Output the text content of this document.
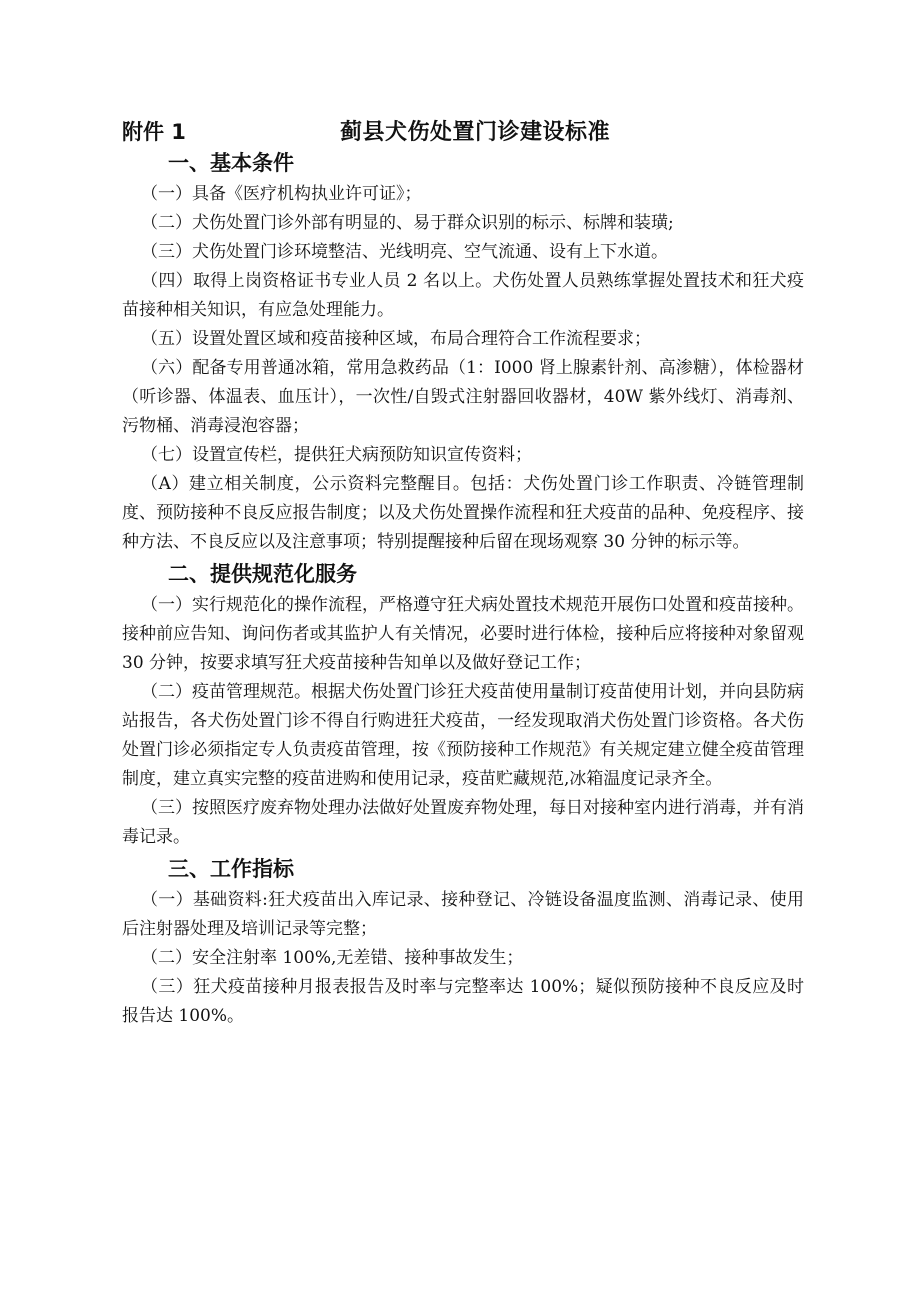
附件 1	蓟县犬伤处置门诊建设标准
一、基本条件

（一）具备《医疗机构执业许可证》；

（二）犬伤处置门诊外部有明显的、易于群众识别的标示、标牌和装璜;

（三）犬伤处置门诊环境整洁、光线明亮、空气流通、设有上下水道。

（四）取得上岗资格证书专业人员 2 名以上。犬伤处置人员熟练掌握处置技术和狂犬疫苗接种相关知识，有应急处理能力。

（五）设置处置区域和疫苗接种区域，布局合理符合工作流程要求；

（六）配备专用普通冰箱，常用急救药品（1：I000 肾上腺素针剂、高渗糖），体检器材（听诊器、体温表、血压计），一次性/自毁式注射器回收器材，40W 紫外线灯、消毒剂、污物桶、消毒浸泡容器；

（七）设置宣传栏，提供狂犬病预防知识宣传资料；

（A）建立相关制度，公示资料完整醒目。包括：犬伤处置门诊工作职责、冷链管理制度、预防接种不良反应报告制度；以及犬伤处置操作流程和狂犬疫苗的品种、免疫程序、接种方法、不良反应以及注意事项；特别提醒接种后留在现场观察 30 分钟的标示等。

二、提供规范化服务

（一）实行规范化的操作流程，严格遵守狂犬病处置技术规范开展伤口处置和疫苗接种。接种前应告知、询问伤者或其监护人有关情况，必要时进行体检，接种后应将接种对象留观 30 分钟，按要求填写狂犬疫苗接种告知单以及做好登记工作；

（二）疫苗管理规范。根据犬伤处置门诊狂犬疫苗使用量制订疫苗使用计划，并向县防病站报告，各犬伤处置门诊不得自行购进狂犬疫苗，一经发现取消犬伤处置门诊资格。各犬伤处置门诊必须指定专人负责疫苗管理，按《预防接种工作规范》有关规定建立健全疫苗管理制度，建立真实完整的疫苗进购和使用记录，疫苗贮藏规范,冰箱温度记录齐全。

（三）按照医疗废弃物处理办法做好处置废弃物处理，每日对接种室内进行消毒，并有消毒记录。

三、工作指标

（一）基础资料:狂犬疫苗出入库记录、接种登记、冷链设备温度监测、消毒记录、使用后注射器处理及培训记录等完整；

（二）安全注射率 100%,无差错、接种事故发生；

（三）狂犬疫苗接种月报表报告及时率与完整率达 100%；疑似预防接种不良反应及时报告达 100%。
